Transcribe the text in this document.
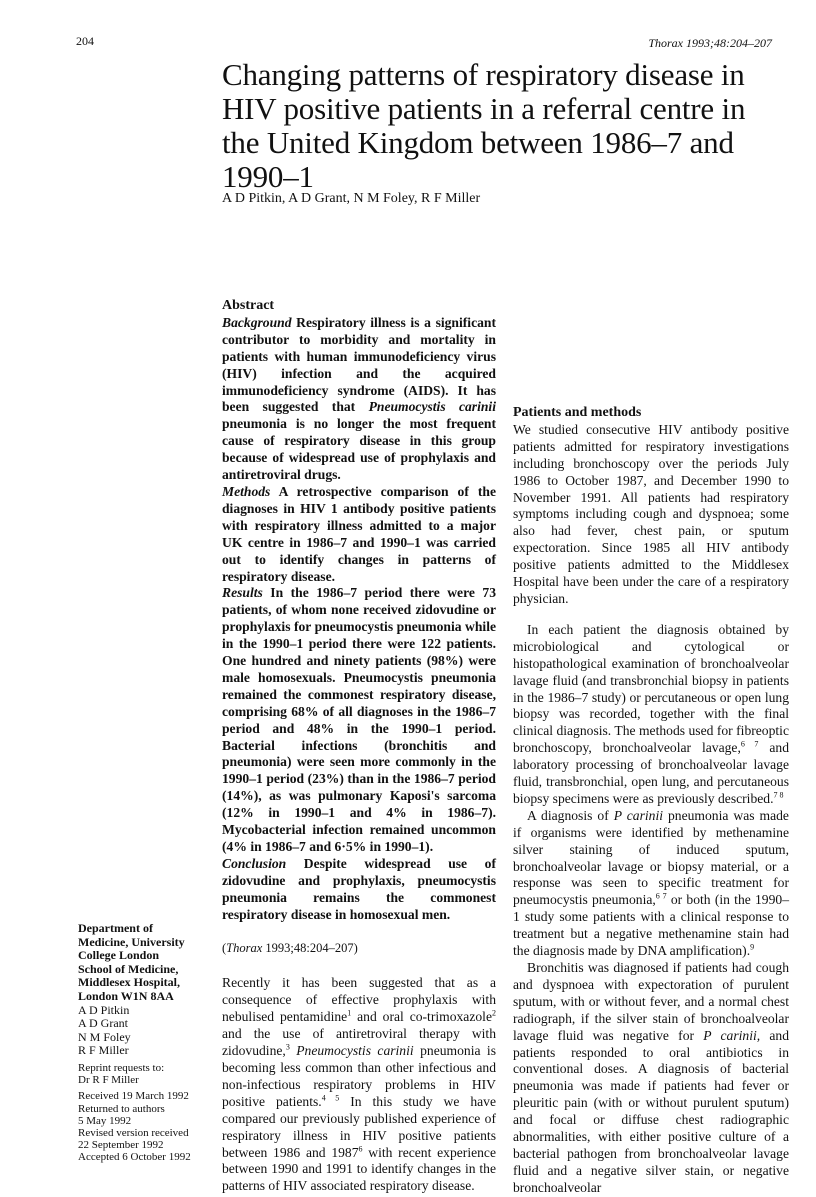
204	Thorax 1993;48:204–207
Changing patterns of respiratory disease in HIV positive patients in a referral centre in the United Kingdom between 1986–7 and 1990–1
A D Pitkin, A D Grant, N M Foley, R F Miller

Abstract

Background Respiratory illness is a significant contributor to morbidity and mortality in patients with human immunodeficiency virus (HIV) infection and the acquired immunodeficiency syndrome (AIDS). It has been suggested that Pneumocystis carinii pneumonia is no longer the most frequent cause of respiratory disease in this group because of widespread use of prophylaxis and antiretroviral drugs.

Methods A retrospective comparison of the diagnoses in HIV 1 antibody positive patients with respiratory illness admitted to a major UK centre in 1986–7 and 1990–1 was carried out to identify changes in patterns of respiratory disease.

Results In the 1986–7 period there were 73 patients, of whom none received zidovudine or prophylaxis for pneumocystis pneumonia while in the 1990–1 period there were 122 patients. One hundred and ninety patients (98%) were male homosexuals. Pneumocystis pneumonia remained the commonest respiratory disease, comprising 68% of all diagnoses in the 1986–7 period and 48% in the 1990–1 period. Bacterial infections (bronchitis and pneumonia) were seen more commonly in the 1990–1 period (23%) than in the 1986–7 period (14%), as was pulmonary Kaposi's sarcoma (12% in 1990–1 and 4% in 1986–7). Mycobacterial infection remained uncommon (4% in 1986–7 and 6·5% in 1990–1).

Conclusion Despite widespread use of zidovudine and prophylaxis, pneumocystis pneumonia remains the commonest respiratory disease in homosexual men.

(Thorax 1993;48:204–207)

Recently it has been suggested that as a consequence of effective prophylaxis with nebulised pentamidine$^1$ and oral co-trimoxazole$^2$ and the use of antiretroviral therapy with zidovudine,$^3$ Pneumocystis carinii pneumonia is becoming less common than other infectious and non-infectious respiratory problems in HIV positive patients.$^{4 5}$ In this study we have compared our previously published experience of respiratory illness in HIV positive patients between 1986 and 1987$^6$ with recent experience between 1990 and 1991 to identify changes in the patterns of HIV associated respiratory disease.

Patients and methods

We studied consecutive HIV antibody positive patients admitted for respiratory investigations including bronchoscopy over the periods July 1986 to October 1987, and December 1990 to November 1991. All patients had respiratory symptoms including cough and dyspnoea; some also had fever, chest pain, or sputum expectoration. Since 1985 all HIV antibody positive patients admitted to the Middlesex Hospital have been under the care of a respiratory physician.

In each patient the diagnosis obtained by microbiological and cytological or histopathological examination of bronchoalveolar lavage fluid (and transbronchial biopsy in patients in the 1986–7 study) or percutaneous or open lung biopsy was recorded, together with the final clinical diagnosis. The methods used for fibreoptic bronchoscopy, bronchoalveolar lavage,$^{6 7}$ and laboratory processing of bronchoalveolar lavage fluid, transbronchial, open lung, and percutaneous biopsy specimens were as previously described.$^{7 8}$

A diagnosis of P carinii pneumonia was made if organisms were identified by methenamine silver staining of induced sputum, bronchoalveolar lavage or biopsy material, or a response was seen to specific treatment for pneumocystis pneumonia,$^{6 7}$ or both (in the 1990–1 study some patients with a clinical response to treatment but a negative methenamine stain had the diagnosis made by DNA amplification).$^9$

Bronchitis was diagnosed if patients had cough and dyspnoea with expectoration of purulent sputum, with or without fever, and a normal chest radiograph, if the silver stain of bronchoalveolar lavage fluid was negative for P carinii, and patients responded to oral antibiotics in conventional doses. A diagnosis of bacterial pneumonia was made if patients had fever or pleuritic pain (with or without purulent sputum) and focal or diffuse chest radiographic abnormalities, with either positive culture of a bacterial pathogen from bronchoalveolar lavage fluid and a negative silver stain, or negative bronchoalveolar

Department of
Medicine, University
College London
School of Medicine,
Middlesex Hospital,
London W1N 8AA
A D Pitkin
A D Grant
N M Foley
R F Miller
Reprint requests to:
Dr R F Miller
Received 19 March 1992
Returned to authors
5 May 1992
Revised version received
22 September 1992
Accepted 6 October 1992
